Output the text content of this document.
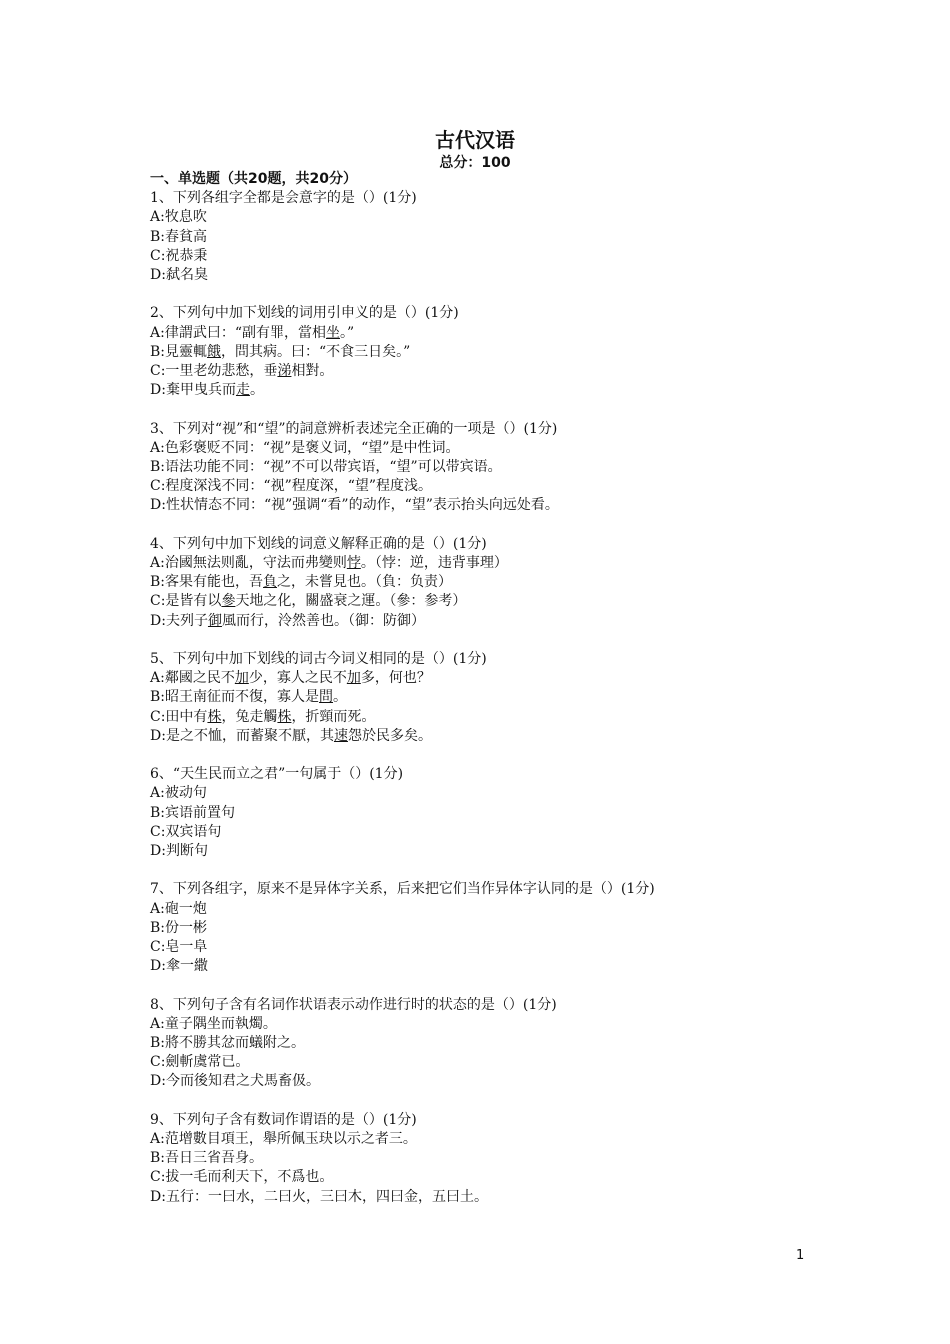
古代汉语
总分：100
一、单选题（共20题，共20分）
1、下列各组字全都是会意字的是（）(1分)
A:牧息吹
B:春貧高
C:祝恭秉
D:弑名臭
2、下列句中加下划线的词用引申义的是（）(1分)
A:律謂武曰：“副有罪，當相坐。”
B:見靈輒餓，問其病。曰：“不食三日矣。”
C:一里老幼悲愁，垂涕相對。
D:棄甲曳兵而走。
3、下列对“视”和“望”的詞意辨析表述完全正确的一项是（）(1分)
A:色彩褒贬不同：“视”是褒义词，“望”是中性词。
B:语法功能不同：“视”不可以带宾语，“望”可以带宾语。
C:程度深浅不同：“视”程度深，“望”程度浅。
D:性状情态不同：“视”强调“看”的动作，“望”表示抬头向远处看。
4、下列句中加下划线的词意义解释正确的是（）(1分)
A:治國無法则亂，守法而弗變则悖。（悖：逆，违背事理）
B:客果有能也，吾負之，未嘗見也。（負：负责）
C:是皆有以參天地之化，關盛衰之運。（參：参考）
D:夫列子御風而行，泠然善也。（御：防御）
5、下列句中加下划线的词古今词义相同的是（）(1分)
A:鄰國之民不加少，寡人之民不加多，何也？
B:昭王南征而不復，寡人是問。
C:田中有株，兔走觸株，折頸而死。
D:是之不恤，而蓄聚不厭，其速怨於民多矣。
6、“天生民而立之君”一句属于（）(1分)
A:被动句
B:宾语前置句
C:双宾语句
D:判断句
7、下列各组字，原来不是异体字关系，后来把它们当作异体字认同的是（）(1分)
A:砲一炮
B:份一彬
C:皂一阜
D:傘一繖
8、下列句子含有名词作状语表示动作进行时的状态的是（）(1分)
A:童子隅坐而執燭。
B:將不勝其忿而蟻附之。
C:劍斬虞常已。
D:今而後知君之犬馬畜伋。
9、下列句子含有数词作谓语的是（）(1分)
A:范增數目項王，舉所佩玉玦以示之者三。
B:吾日三省吾身。
C:拔一毛而利天下，不爲也。
D:五行：一曰水，二曰火，三曰木，四曰金，五曰土。
1
